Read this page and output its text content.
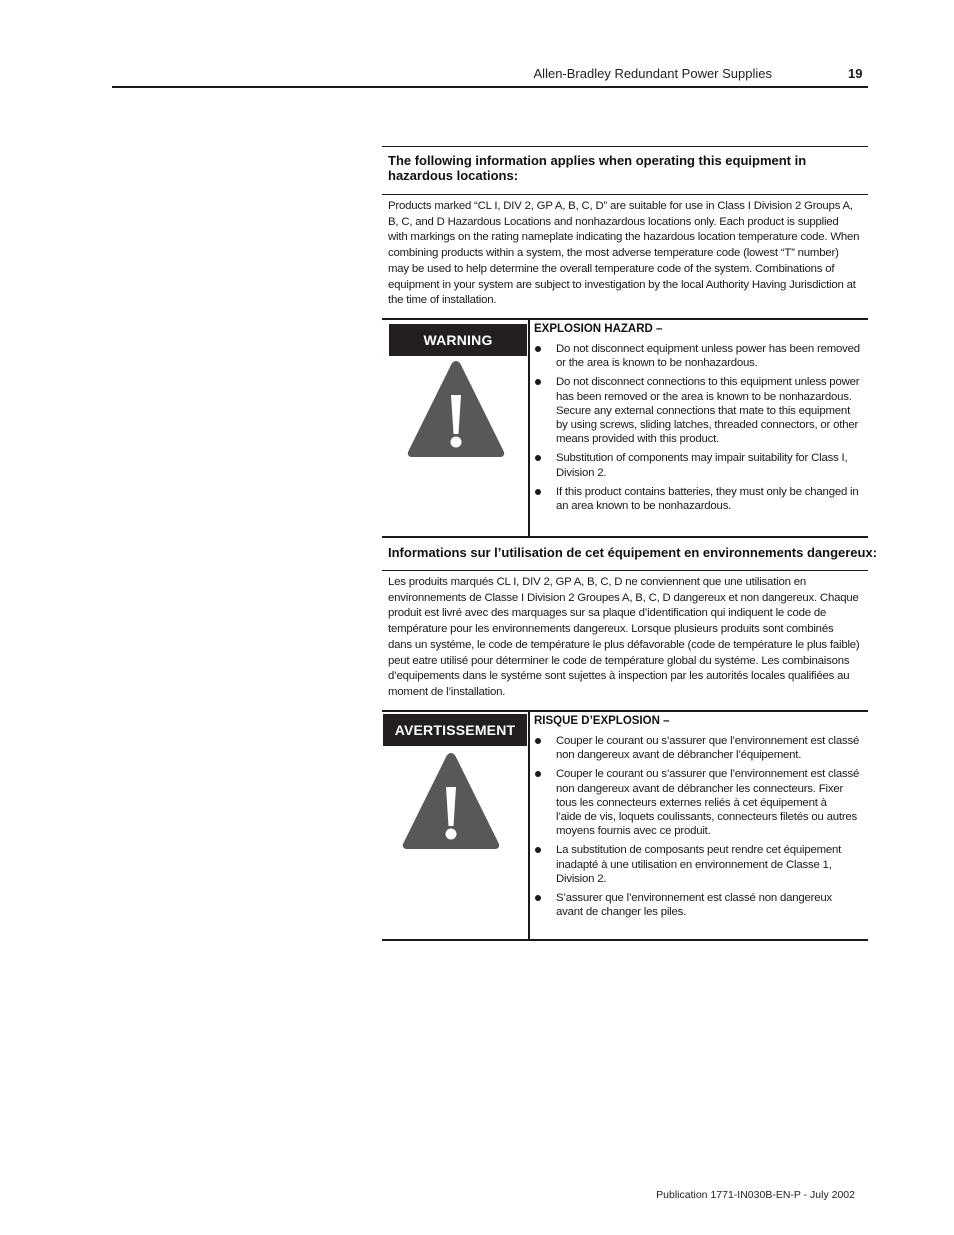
Allen-Bradley Redundant Power Supplies	19
The following information applies when operating this equipment in hazardous locations:
Products marked “CL I, DIV 2, GP A, B, C, D” are suitable for use in Class I Division 2 Groups A, B, C, and D Hazardous Locations and nonhazardous locations only. Each product is supplied with markings on the rating nameplate indicating the hazardous location temperature code. When combining products within a system, the most adverse temperature code (lowest “T” number) may be used to help determine the overall temperature code of the system. Combinations of equipment in your system are subject to investigation by the local Authority Having Jurisdiction at the time of installation.
WARNING
EXPLOSION HAZARD –
Do not disconnect equipment unless power has been removed or the area is known to be nonhazardous.
Do not disconnect connections to this equipment unless power has been removed or the area is known to be nonhazardous. Secure any external connections that mate to this equipment by using screws, sliding latches, threaded connectors, or other means provided with this product.
Substitution of components may impair suitability for Class I, Division 2.
If this product contains batteries, they must only be changed in an area known to be nonhazardous.
Informations sur l’utilisation de cet équipement en environnements dangereux:
Les produits marqués CL I, DIV 2, GP A, B, C, D ne conviennent que une utilisation en environnements de Classe I Division 2 Groupes A, B, C, D dangereux et non dangereux. Chaque produit est livré avec des marquages sur sa plaque d’identification qui indiquent le code de température pour les environnements dangereux. Lorsque plusieurs produits sont combinés dans un systéme, le code de température le plus défavorable (code de température le plus faible) peut eatre utilisé pour déterminer le code de température global du systéme. Les combinaisons d’equipements dans le systéme sont sujettes à inspection par les autorités locales qualifiées au moment de l’installation.
AVERTISSEMENT
RISQUE D’EXPLOSION –
Couper le courant ou s’assurer que l’environnement est classé non dangereux avant de débrancher l’équipement.
Couper le courant ou s’assurer que l’environnement est classé non dangereux avant de débrancher les connecteurs. Fixer tous les connecteurs externes reliés à cet équipement à
l’aide de vis, loquets coulissants, connecteurs filetés ou autres moyens fournis avec ce produit.
La substitution de composants peut rendre cet équipement inadapté à une utilisation en environnement de Classe 1, Division 2.
S’assurer que l’environnement est classé non dangereux avant de changer les piles.
Publication 1771-IN030B-EN-P - July 2002
